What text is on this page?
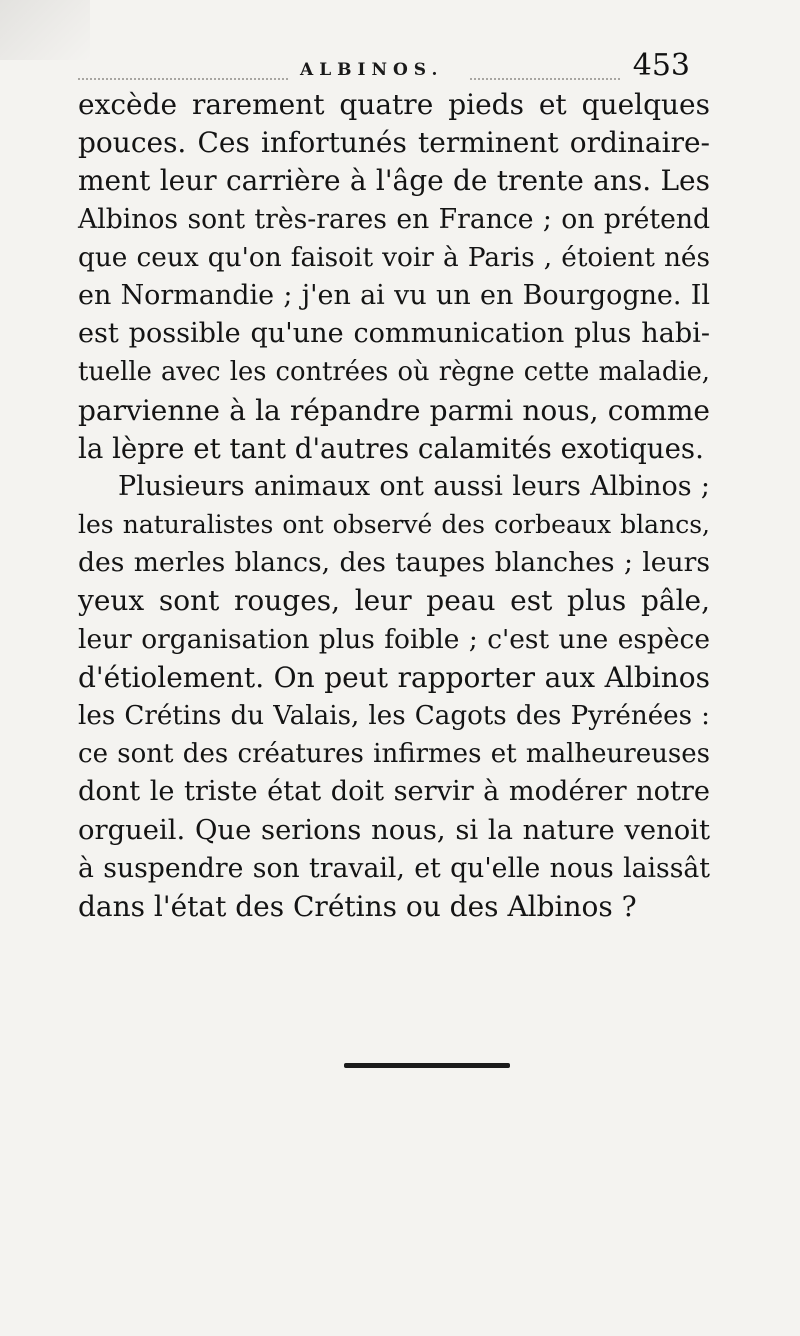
ALBINOS.	453
excède rarement quatre pieds et quelques
pouces. Ces infortunés terminent ordinaire-
ment leur carrière à l'âge de trente ans. Les
Albinos sont très-rares en France ; on prétend
que ceux qu'on faisoit voir à Paris , étoient nés
en Normandie ; j'en ai vu un en Bourgogne. Il
est possible qu'une communication plus habi-
tuelle avec les contrées où règne cette maladie,
parvienne à la répandre parmi nous, comme
la lèpre et tant d'autres calamités exotiques.
Plusieurs animaux ont aussi leurs Albinos ;
les naturalistes ont observé des corbeaux blancs,
des merles blancs, des taupes blanches ; leurs
yeux sont rouges, leur peau est plus pâle,
leur organisation plus foible ; c'est une espèce
d'étiolement. On peut rapporter aux Albinos
les Crétins du Valais, les Cagots des Pyrénées :
ce sont des créatures infirmes et malheureuses
dont le triste état doit servir à modérer notre
orgueil. Que serions nous, si la nature venoit
à suspendre son travail, et qu'elle nous laissât
dans l'état des Crétins ou des Albinos ?
